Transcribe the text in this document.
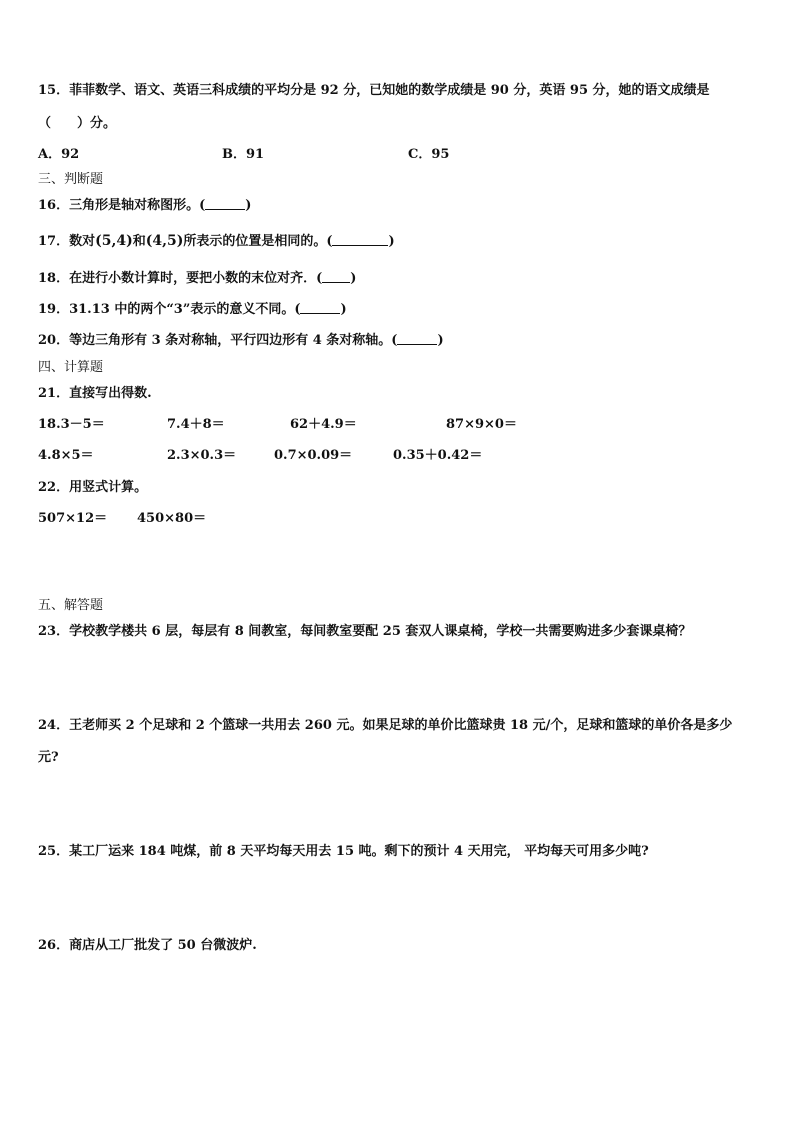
15．菲菲数学、语文、英语三科成绩的平均分是 92 分，已知她的数学成绩是 90 分，英语 95 分，她的语文成绩是
（　　）分。
A．92	B．91	C．95
三、判断题
16．三角形是轴对称图形。(	)
17．数对(5,4)和(4,5)所表示的位置是相同的。(	)
18．在进行小数计算时，要把小数的末位对齐．( )
19．31.13 中的两个“3”表示的意义不同。(	)
20．等边三角形有 3 条对称轴，平行四边形有 4 条对称轴。(	)
四、计算题
21．直接写出得数.
18.3－5＝	7.4＋8＝	62＋4.9＝	87×9×0＝
4.8×5＝	2.3×0.3＝	0.7×0.09＝	0.35＋0.42＝
22．用竖式计算。
507×12＝ 450×80＝
五、解答题
23．学校教学楼共 6 层，每层有 8 间教室，每间教室要配 25 套双人课桌椅，学校一共需要购进多少套课桌椅？
24．王老师买 2 个足球和 2 个篮球一共用去 260 元。如果足球的单价比篮球贵 18 元/个，足球和篮球的单价各是多少
元?
25．某工厂运来 184 吨煤，前 8 天平均每天用去 15 吨。剩下的预计 4 天用完， 平均每天可用多少吨?
26．商店从工厂批发了 50 台微波炉.
